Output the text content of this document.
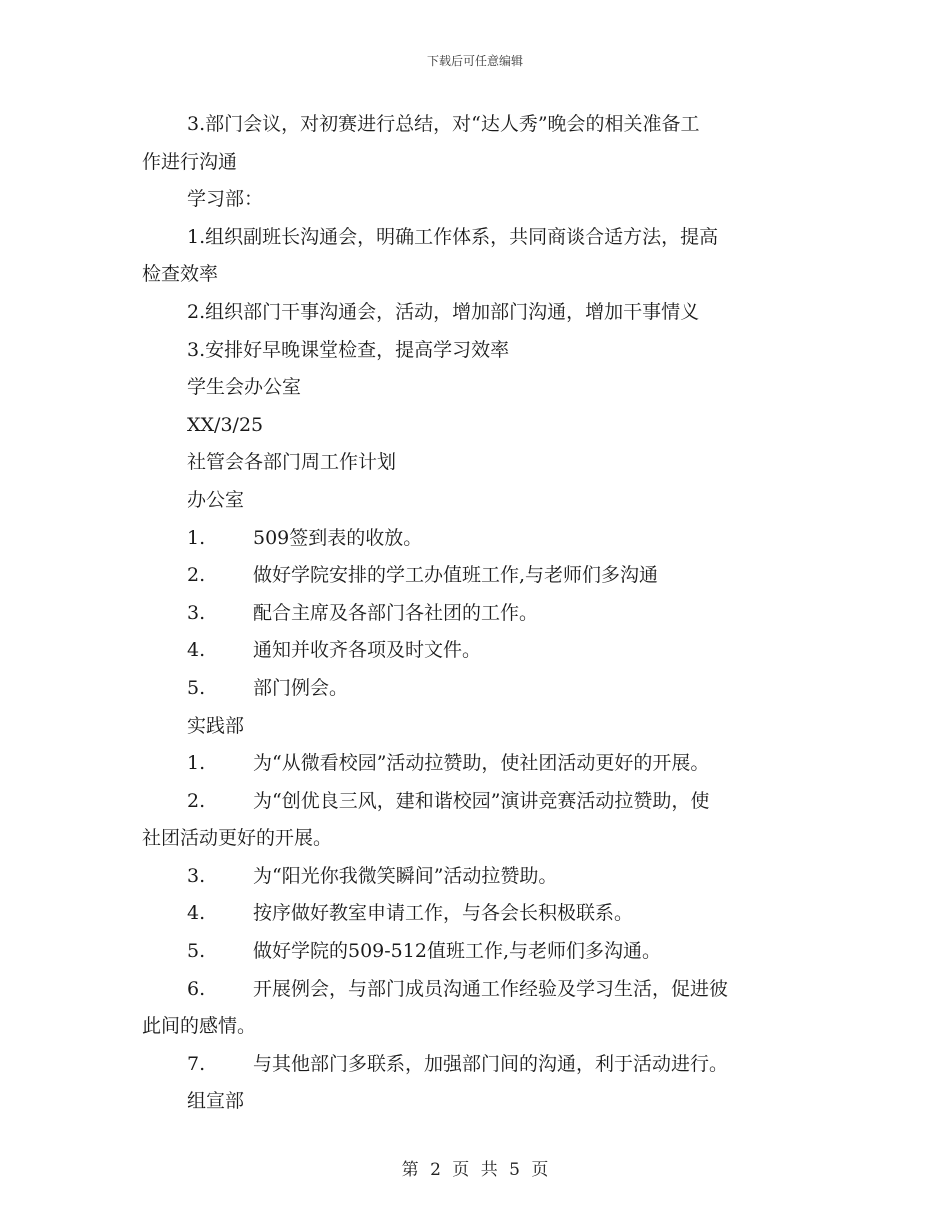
下载后可任意编辑
3.部门会议，对初赛进行总结，对“达人秀”晚会的相关准备工
作进行沟通
学习部：
1.组织副班长沟通会，明确工作体系，共同商谈合适方法，提高
检查效率
2.组织部门干事沟通会，活动，增加部门沟通，增加干事情义
3.安排好早晚课堂检查，提高学习效率
学生会办公室
XX/3/25
社管会各部门周工作计划
办公室
1.	509签到表的收放。
2.	做好学院安排的学工办值班工作,与老师们多沟通
3.	配合主席及各部门各社团的工作。
4.	通知并收齐各项及时文件。
5.	部门例会。
实践部
1.	为“从微看校园”活动拉赞助，使社团活动更好的开展。
2.	为“创优良三风，建和谐校园”演讲竞赛活动拉赞助，使
社团活动更好的开展。
3.	为“阳光你我微笑瞬间”活动拉赞助。
4.	按序做好教室申请工作，与各会长积极联系。
5.	做好学院的509-512值班工作,与老师们多沟通。
6.	开展例会，与部门成员沟通工作经验及学习生活，促进彼
此间的感情。
7.	与其他部门多联系，加强部门间的沟通，利于活动进行。
组宣部
第 2 页 共 5 页
